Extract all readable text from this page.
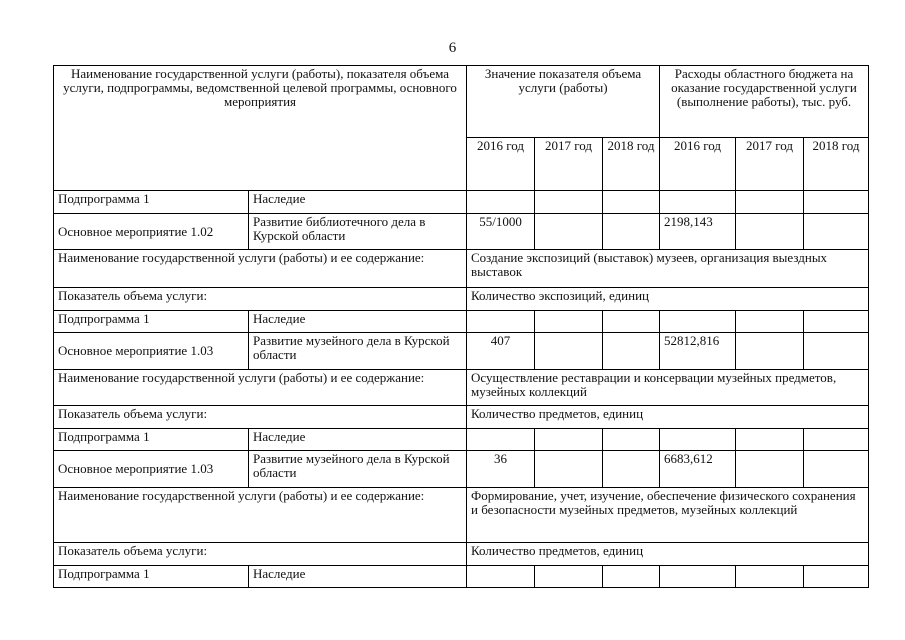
6
Наименование государственной услуги (работы), показателя объема услуги, подпрограммы, ведомственной целевой программы, основного мероприятия		Значение показателя объема услуги (работы)			Расходы областного бюджета на оказание государственной услуги (выполнение работы), тыс. руб.		
		2016 год	2017 год	2018 год	2016 год	2017 год	2018 год
Подпрограмма 1	Наследие						
Основное мероприятие 1.02	Развитие библиотечного дела в Курской области	55/1000			2198,143		
Наименование государственной услуги (работы) и ее содержание:		Создание экспозиций (выставок) музеев, организация выездных выставок					
Показатель объема услуги:		Количество экспозиций, единиц					
Подпрограмма 1	Наследие						
Основное мероприятие 1.03	Развитие музейного дела в Курской области	407			52812,816		
Наименование государственной услуги (работы) и ее содержание:		Осуществление реставрации и консервации музейных предметов, музейных коллекций					
Показатель объема услуги:		Количество предметов, единиц					
Подпрограмма 1	Наследие						
Основное мероприятие 1.03	Развитие музейного дела в Курской области	36			6683,612		
Наименование государственной услуги (работы) и ее содержание:		Формирование, учет, изучение, обеспечение физического сохранения и безопасности музейных предметов, музейных коллекций					
Показатель объема услуги:		Количество предметов, единиц					
Подпрограмма 1	Наследие						
